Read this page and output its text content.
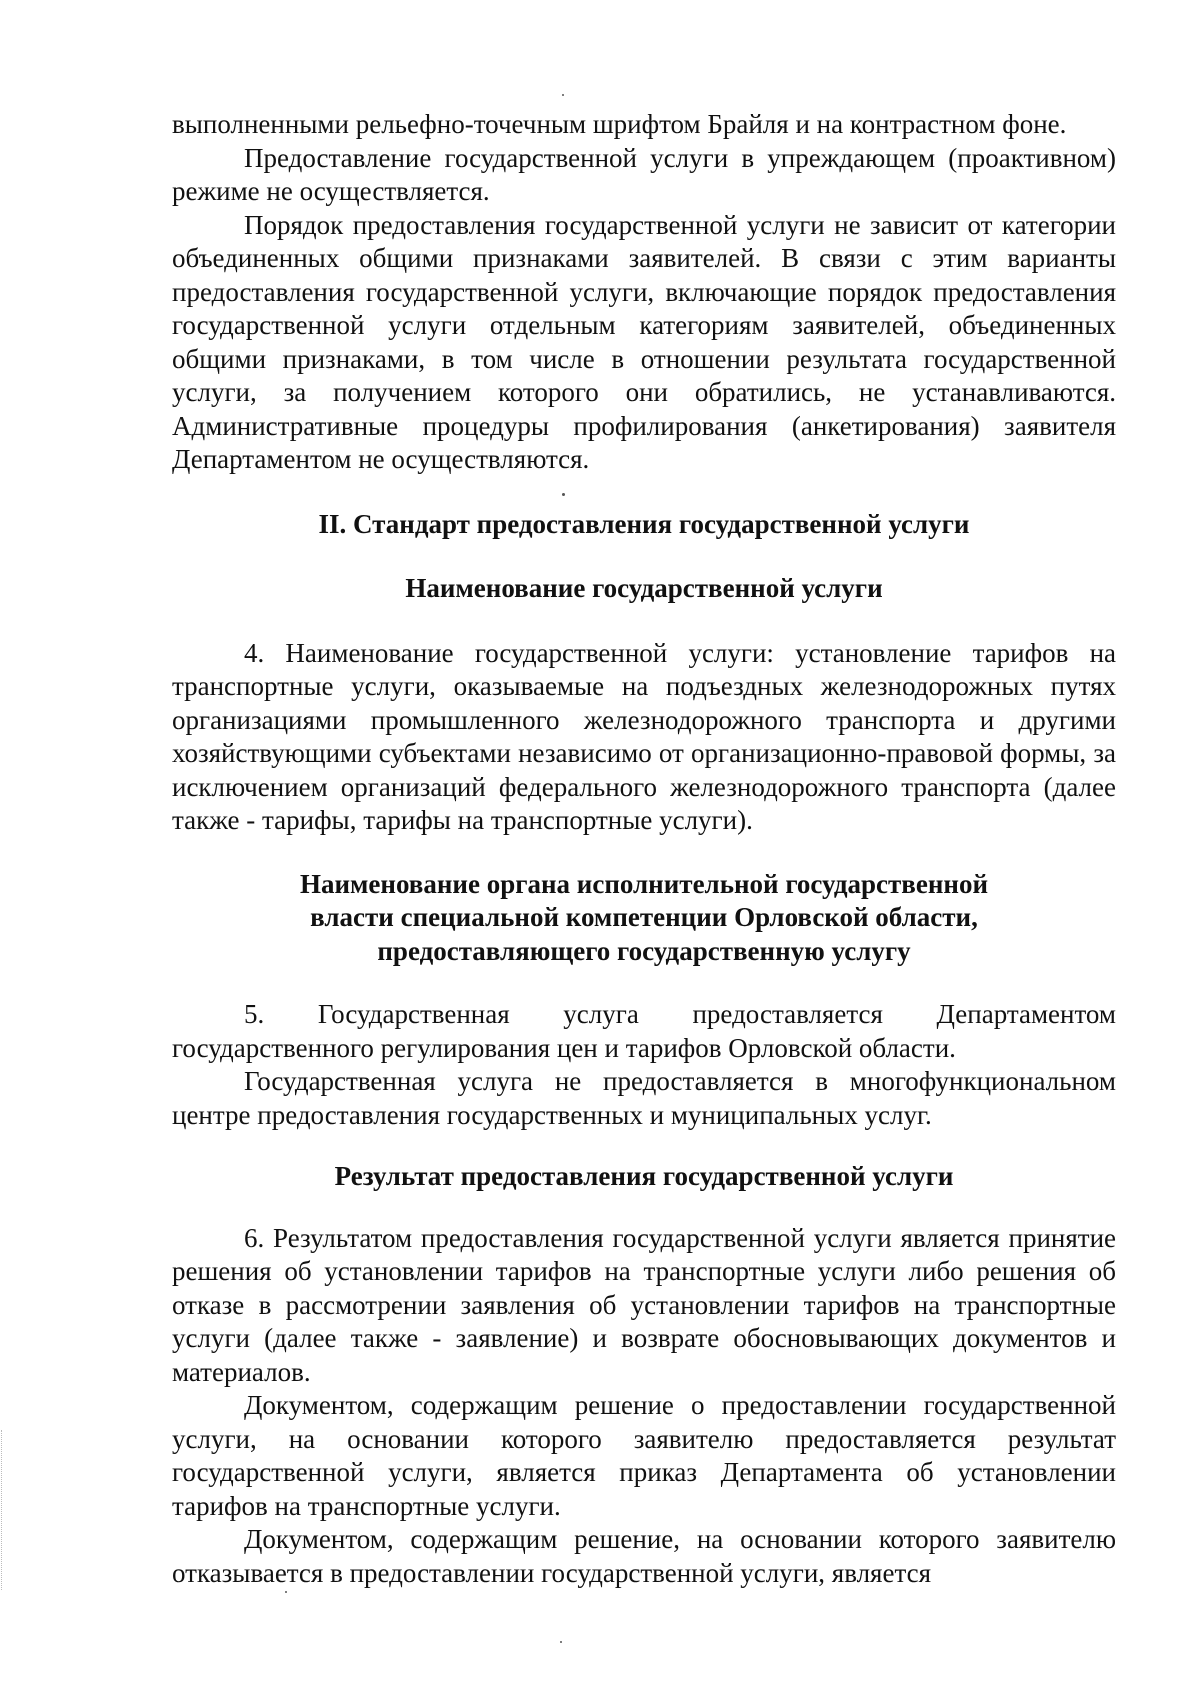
выполненными рельефно-точечным шрифтом Брайля и на контрастном фоне.

Предоставление государственной услуги в упреждающем (проактивном) режиме не осуществляется.

Порядок предоставления государственной услуги не зависит от категории объединенных общими признаками заявителей. В связи с этим варианты предоставления государственной услуги, включающие порядок предоставления государственной услуги отдельным категориям заявителей, объединенных общими признаками, в том числе в отношении результата государственной услуги, за получением которого они обратились, не устанавливаются. Административные процедуры профилирования (анкетирования) заявителя Департаментом не осуществляются.

II. Стандарт предоставления государственной услуги
Наименование государственной услуги

4. Наименование государственной услуги: установление тарифов на транспортные услуги, оказываемые на подъездных железнодорожных путях организациями промышленного железнодорожного транспорта и другими хозяйствующими субъектами независимо от организационно-правовой формы, за исключением организаций федерального железнодорожного транспорта (далее также - тарифы, тарифы на транспортные услуги).

Наименование органа исполнительной государственной
власти специальной компетенции Орловской области,
предоставляющего государственную услугу

5. Государственная услуга предоставляется Департаментом государственного регулирования цен и тарифов Орловской области.

Государственная услуга не предоставляется в многофункциональном центре предоставления государственных и муниципальных услуг.

Результат предоставления государственной услуги

6. Результатом предоставления государственной услуги является принятие решения об установлении тарифов на транспортные услуги либо решения об отказе в рассмотрении заявления об установлении тарифов на транспортные услуги (далее также - заявление) и возврате обосновывающих документов и материалов.

Документом, содержащим решение о предоставлении государственной услуги, на основании которого заявителю предоставляется результат государственной услуги, является приказ Департамента об установлении тарифов на транспортные услуги.

Документом, содержащим решение, на основании которого заявителю отказывается в предоставлении государственной услуги, является
